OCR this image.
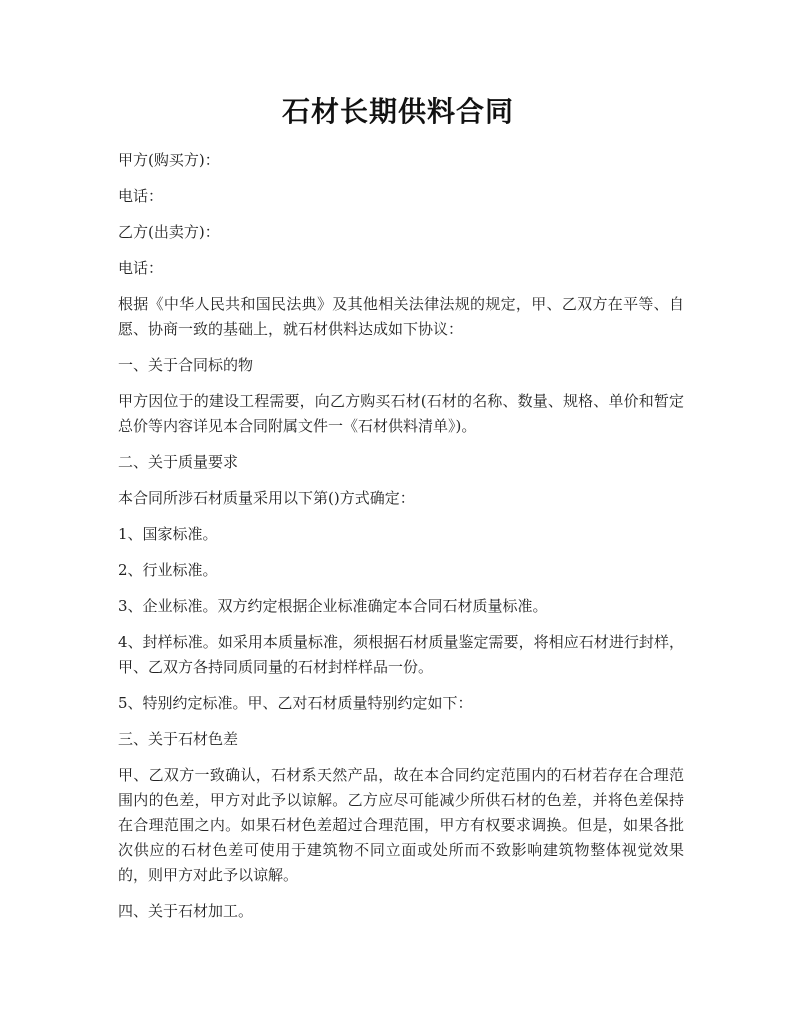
石材长期供料合同

甲方(购买方)：

电话：

乙方(出卖方)：

电话：

根据《中华人民共和国民法典》及其他相关法律法规的规定，甲、乙双方在平等、自愿、协商一致的基础上，就石材供料达成如下协议：

一、关于合同标的物

甲方因位于的建设工程需要，向乙方购买石材(石材的名称、数量、规格、单价和暂定总价等内容详见本合同附属文件一《石材供料清单》)。

二、关于质量要求

本合同所涉石材质量采用以下第()方式确定：

1、国家标准。

2、行业标准。

3、企业标准。双方约定根据企业标准确定本合同石材质量标准。

4、封样标准。如采用本质量标准，须根据石材质量鉴定需要，将相应石材进行封样，甲、乙双方各持同质同量的石材封样样品一份。

5、特别约定标准。甲、乙对石材质量特别约定如下：

三、关于石材色差

甲、乙双方一致确认，石材系天然产品，故在本合同约定范围内的石材若存在合理范围内的色差，甲方对此予以谅解。乙方应尽可能减少所供石材的色差，并将色差保持在合理范围之内。如果石材色差超过合理范围，甲方有权要求调换。但是，如果各批次供应的石材色差可使用于建筑物不同立面或处所而不致影响建筑物整体视觉效果的，则甲方对此予以谅解。

四、关于石材加工。
